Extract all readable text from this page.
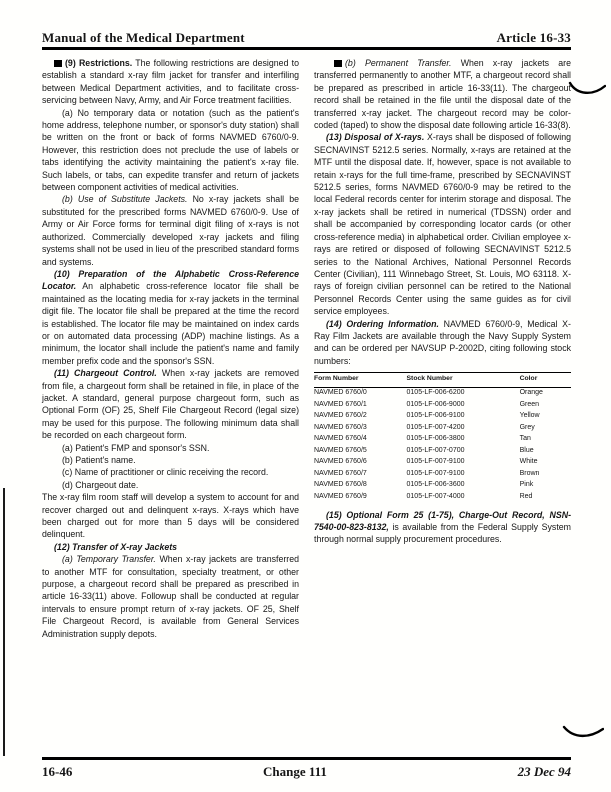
Manual of the Medical Department	Article 16-33

(9) Restrictions. The following restrictions are designed to establish a standard x-ray film jacket for transfer and interfiling between Medical Department activities, and to facilitate cross-servicing between Navy, Army, and Air Force treatment facilities.

(a) No temporary data or notation (such as the patient's home address, telephone number, or sponsor's duty station) shall be written on the front or back of forms NAVMED 6760/0-9. However, this restriction does not preclude the use of labels or tabs identifying the activity maintaining the patient's x-ray file. Such labels, or tabs, can expedite transfer and return of jackets between component activities of medical activities.

(b) Use of Substitute Jackets. No x-ray jackets shall be substituted for the prescribed forms NAVMED 6760/0-9. Use of Army or Air Force forms for terminal digit filing of x-rays is not authorized. Commercially developed x-ray jackets and filing systems shall not be used in lieu of the prescribed standard forms and systems.

(10) Preparation of the Alphabetic Cross-Reference Locator. An alphabetic cross-reference locator file shall be maintained as the locating media for x-ray jackets in the terminal digit file. The locator file shall be prepared at the time the record is established. The locator file may be maintained on index cards or on automated data processing (ADP) machine listings. As a minimum, the locator shall include the patient's name and family member prefix code and the sponsor's SSN.

(11) Chargeout Control. When x-ray jackets are removed from file, a chargeout form shall be retained in file, in place of the jacket. A standard, general purpose chargeout form, such as Optional Form (OF) 25, Shelf File Chargeout Record (legal size) may be used for this purpose. The following minimum data shall be recorded on each chargeout form.

(a) Patient's FMP and sponsor's SSN.

(b) Patient's name.

(c) Name of practitioner or clinic receiving the record.

(d) Chargeout date.

The x-ray film room staff will develop a system to account for and recover charged out and delinquent x-rays. X-rays which have been charged out for more than 5 days will be considered delinquent.

(12) Transfer of X-ray Jackets

(a) Temporary Transfer. When x-ray jackets are transferred to another MTF for consultation, specialty treatment, or other purpose, a chargeout record shall be prepared as prescribed in article 16-33(11) above. Followup shall be conducted at regular intervals to ensure prompt return of x-ray jackets. OF 25, Shelf File Chargeout Record, is available from General Services Administration supply depots.

(b) Permanent Transfer. When x-ray jackets are transferred permanently to another MTF, a chargeout record shall be prepared as prescribed in article 16-33(11). The chargeout record shall be retained in the file until the disposal date of the transferred x-ray jacket. The chargeout record may be color-coded (taped) to show the disposal date following article 16-33(8).

(13) Disposal of X-rays. X-rays shall be disposed of following SECNAVINST 5212.5 series. Normally, x-rays are retained at the MTF until the disposal date. If, however, space is not available to retain x-rays for the full time-frame, prescribed by SECNAVINST 5212.5 series, forms NAVMED 6760/0-9 may be retired to the local Federal records center for interim storage and disposal. The x-ray jackets shall be retired in numerical (TDSSN) order and shall be accompanied by corresponding locator cards (or other cross-reference media) in alphabetical order. Civilian employee x-rays are retired or disposed of following SECNAVINST 5212.5 series to the National Archives, National Personnel Records Center (Civilian), 111 Winnebago Street, St. Louis, MO 63118. X-rays of foreign civilian personnel can be retired to the National Personnel Records Center using the same guides as for civil service employees.

(14) Ordering Information. NAVMED 6760/0-9, Medical X-Ray Film Jackets are available through the Navy Supply System and can be ordered per NAVSUP P-2002D, citing following stock numbers:

Form Number	Stock Number	Color
NAVMED 6760/0	0105-LF-006-6200	Orange
NAVMED 6760/1	0105-LF-006-9000	Green
NAVMED 6760/2	0105-LF-006-9100	Yellow
NAVMED 6760/3	0105-LF-007-4200	Grey
NAVMED 6760/4	0105-LF-006-3800	Tan
NAVMED 6760/5	0105-LF-007-0700	Blue
NAVMED 6760/6	0105-LF-007-9100	White
NAVMED 6760/7	0105-LF-007-9100	Brown
NAVMED 6760/8	0105-LF-006-3600	Pink
NAVMED 6760/9	0105-LF-007-4000	Red

(15) Optional Form 25 (1-75), Charge-Out Record, NSN-7540-00-823-8132, is available from the Federal Supply System through normal supply procurement procedures.

16-46	Change 111	23 Dec 94
